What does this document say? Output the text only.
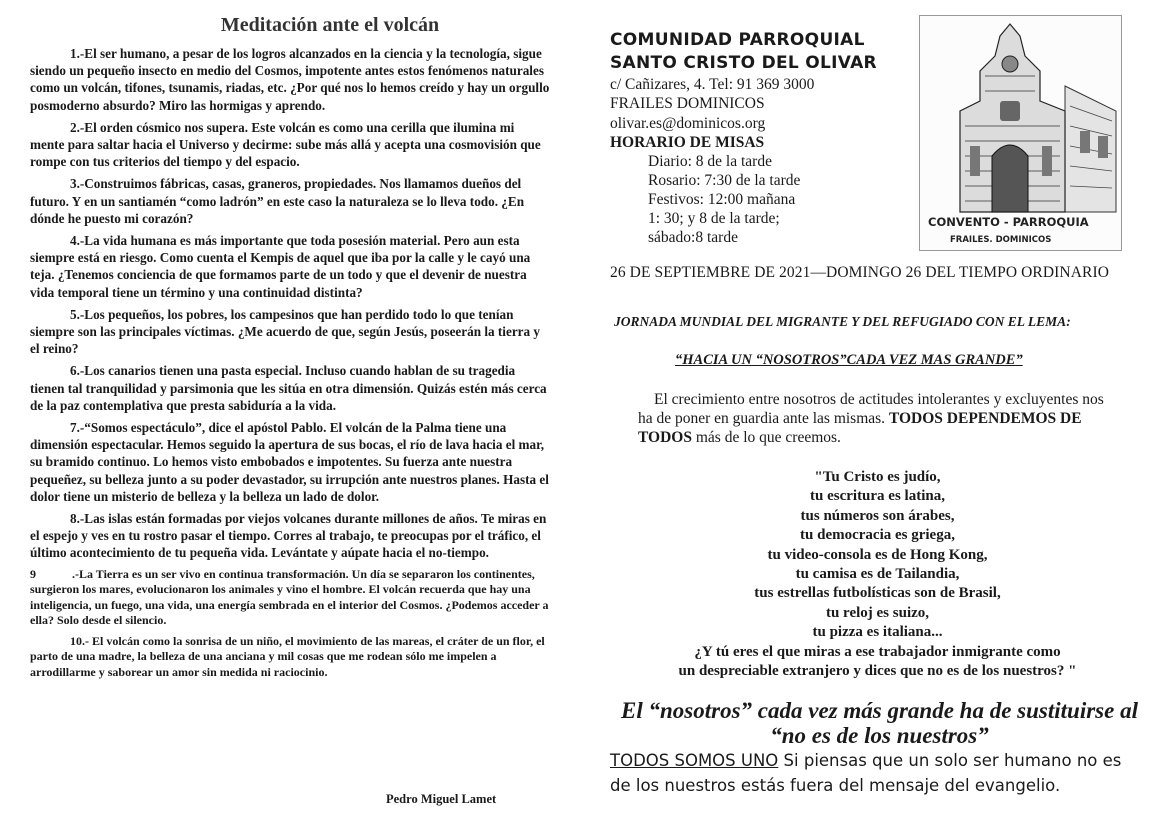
Meditación ante el volcán

1.-El ser humano, a pesar de los logros alcanzados en la ciencia y la tecnología, sigue siendo un pequeño insecto en medio del Cosmos, impotente antes estos fenómenos naturales como un volcán, tifones, tsunamis, riadas, etc. ¿Por qué nos lo hemos creído y hay un orgullo posmoderno absurdo? Miro las hormigas y aprendo.

2.-El orden cósmico nos supera. Este volcán es como una cerilla que ilumina mi mente para saltar hacia el Universo y decirme: sube más allá y acepta una cosmovisión que rompe con tus criterios del tiempo y del espacio.

3.-Construimos fábricas, casas, graneros, propiedades. Nos llamamos dueños del futuro. Y en un santiamén “como ladrón” en este caso la naturaleza se lo lleva todo. ¿En dónde he puesto mi corazón?

4.-La vida humana es más importante que toda posesión material. Pero aun esta siempre está en riesgo. Como cuenta el Kempis de aquel que iba por la calle y le cayó una teja. ¿Tenemos conciencia de que formamos parte de un todo y que el devenir de nuestra vida temporal tiene un término y una continuidad distinta?

5.-Los pequeños, los pobres, los campesinos que han perdido todo lo que tenían siempre son las principales víctimas. ¿Me acuerdo de que, según Jesús, poseerán la tierra y el reino?

6.-Los canarios tienen una pasta especial. Incluso cuando hablan de su tragedia tienen tal tranquilidad y parsimonia que les sitúa en otra dimensión. Quizás estén más cerca de la paz contemplativa que presta sabiduría a la vida.

7.-“Somos espectáculo”, dice el apóstol Pablo. El volcán de la Palma tiene una dimensión espectacular. Hemos seguido la apertura de sus bocas, el río de lava hacia el mar, su bramido continuo. Lo hemos visto embobados e impotentes. Su fuerza ante nuestra pequeñez, su belleza junto a su poder devastador, su irrupción ante nuestros planes. Hasta el dolor tiene un misterio de belleza y la belleza un lado de dolor.

8.-Las islas están formadas por viejos volcanes durante millones de años. Te miras en el espejo y ves en tu rostro pasar el tiempo. Corres al trabajo, te preocupas por el tráfico, el último acontecimiento de tu pequeña vida. Levántate y aúpate hacia el no-tiempo.

9	.-La Tierra es un ser vivo en continua transformación. Un día se separaron los continentes, surgieron los mares, evolucionaron los animales y vino el hombre. El volcán recuerda que hay una inteligencia, un fuego, una vida, una energía sembrada en el interior del Cosmos. ¿Podemos acceder a ella? Solo desde el silencio.

10.- El volcán como la sonrisa de un niño, el movimiento de las mareas, el cráter de un flor, el parto de una madre, la belleza de una anciana y mil cosas que me rodean sólo me impelen a arrodillarme y saborear un amor sin medida ni raciocinio.

Pedro Miguel Lamet
COMUNIDAD PARROQUIAL
SANTO CRISTO DEL OLIVAR
c/ Cañizares, 4. Tel: 91 369 3000
FRAILES DOMINICOS
olivar.es@dominicos.org
HORARIO DE MISAS
Diario: 8 de la tarde
Rosario: 7:30 de la tarde
Festivos: 12:00 mañana
1: 30; y 8 de la tarde;
sábado:8 tarde
CONVENTO - PARROQUIA
FRAILES. DOMINICOS
26 DE SEPTIEMBRE DE 2021—DOMINGO 26 DEL TIEMPO ORDINARIO
JORNADA MUNDIAL DEL MIGRANTE Y DEL REFUGIADO CON EL LEMA:
“HACIA UN “NOSOTROS”CADA VEZ MAS GRANDE”
El crecimiento entre nosotros de actitudes intolerantes y excluyentes nos ha de poner en guardia ante las mismas. TODOS DEPENDEMOS DE TODOS más de lo que creemos.
"Tu Cristo es judío,
tu escritura es latina,
tus números son árabes,
tu democracia es griega,
tu video-consola es de Hong Kong,
tu camisa es de Tailandia,
tus estrellas futbolísticas son de Brasil,
tu reloj es suizo,
tu pizza es italiana...
¿Y tú eres el que miras a ese trabajador inmigrante como
un despreciable extranjero y dices que no es de los nuestros? "
El “nosotros” cada vez más grande ha de sustituirse al
“no es de los nuestros”
TODOS SOMOS UNO Si piensas que un solo ser humano no es de los nuestros estás fuera del mensaje del evangelio.
